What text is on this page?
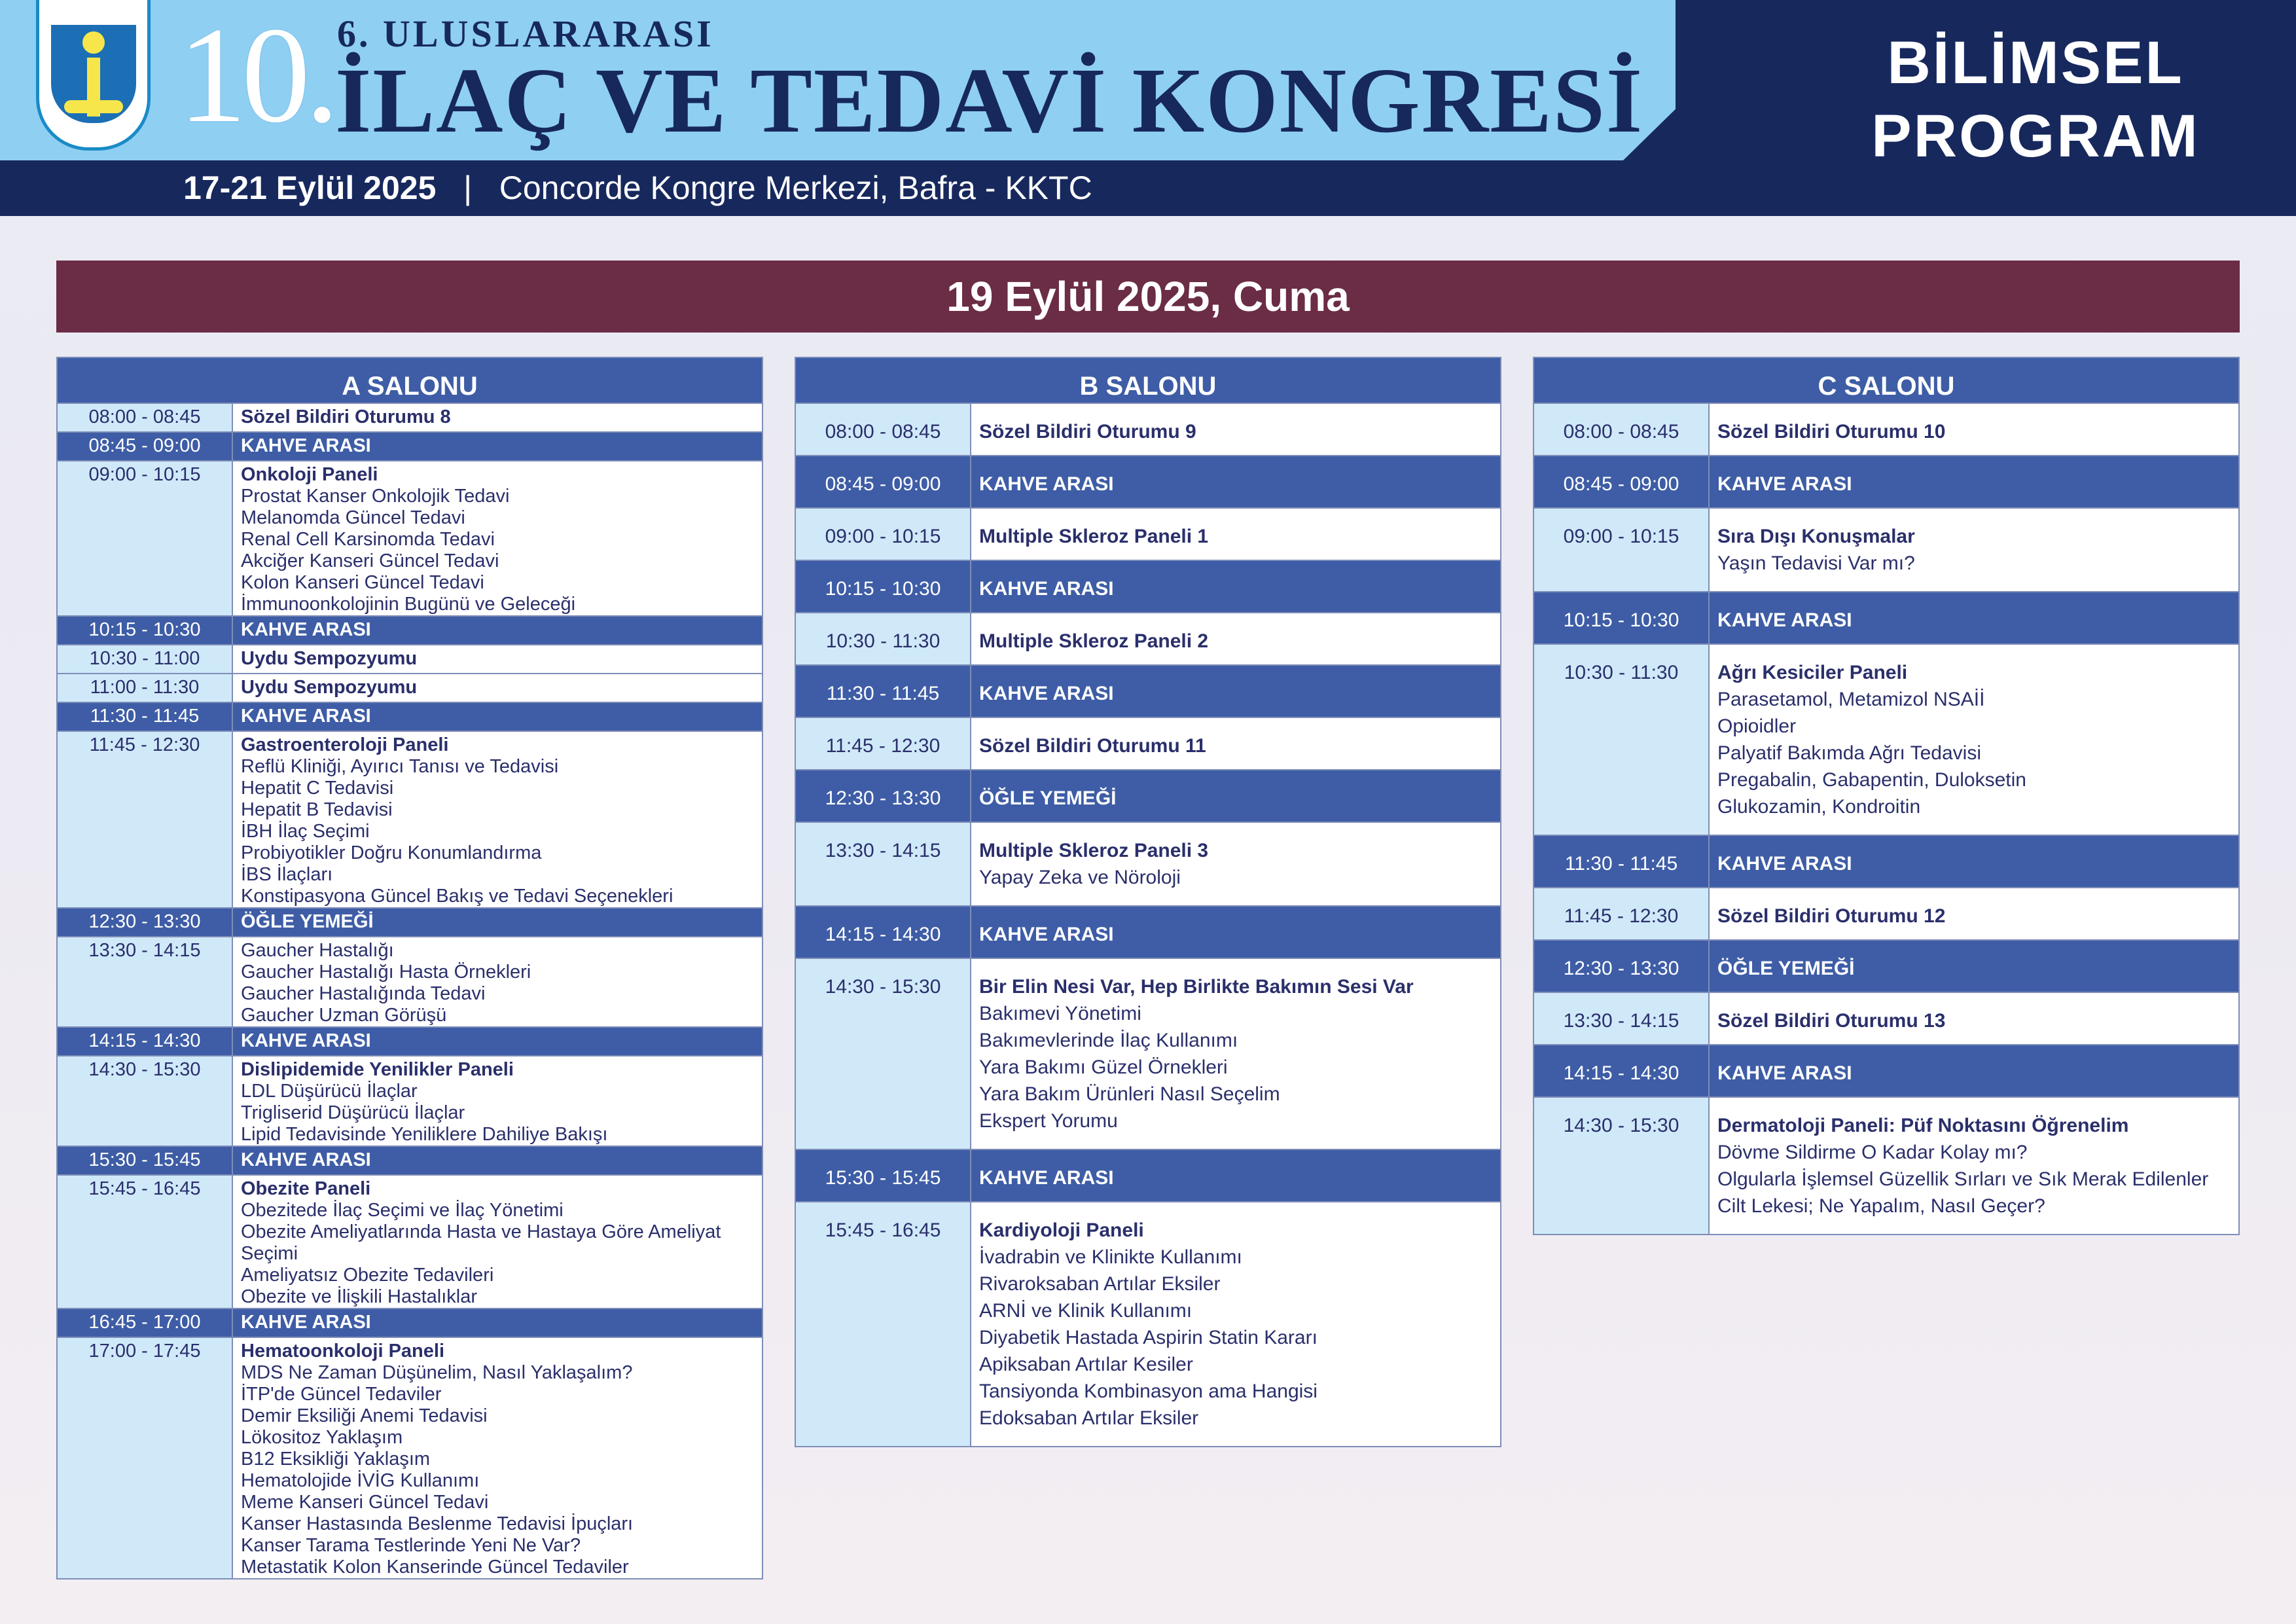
10. 6. ULUSLARARASI
İLAÇ VE TEDAVİ KONGRESİ
17-21 Eylül 2025 | Concorde Kongre Merkezi, Bafra - KKTC
BİLİMSEL
PROGRAM
19 Eylül 2025, Cuma
A SALONU
08:00 - 08:45	Sözel Bildiri Oturumu 8
08:45 - 09:00	KAHVE ARASI
09:00 - 10:15	Onkoloji Paneli
Prostat Kanser Onkolojik Tedavi
Melanomda Güncel Tedavi
Renal Cell Karsinomda Tedavi
Akciğer Kanseri Güncel Tedavi
Kolon Kanseri Güncel Tedavi
İmmunoonkolojinin Bugünü ve Geleceği
10:15 - 10:30	KAHVE ARASI
10:30 - 11:00	Uydu Sempozyumu
11:00 - 11:30	Uydu Sempozyumu
11:30 - 11:45	KAHVE ARASI
11:45 - 12:30	Gastroenteroloji Paneli
Reflü Kliniği, Ayırıcı Tanısı ve Tedavisi
Hepatit C Tedavisi
Hepatit B Tedavisi
İBH İlaç Seçimi
Probiyotikler Doğru Konumlandırma
İBS İlaçları
Konstipasyona Güncel Bakış ve Tedavi Seçenekleri
12:30 - 13:30	ÖĞLE YEMEĞİ
13:30 - 14:15	Gaucher Hastalığı
Gaucher Hastalığı Hasta Örnekleri
Gaucher Hastalığında Tedavi
Gaucher Uzman Görüşü
14:15 - 14:30	KAHVE ARASI
14:30 - 15:30	Dislipidemide Yenilikler Paneli
LDL Düşürücü İlaçlar
Trigliserid Düşürücü İlaçlar
Lipid Tedavisinde Yeniliklere Dahiliye Bakışı
15:30 - 15:45	KAHVE ARASI
15:45 - 16:45	Obezite Paneli
Obezitede İlaç Seçimi ve İlaç Yönetimi
Obezite Ameliyatlarında Hasta ve Hastaya Göre Ameliyat Seçimi
Ameliyatsız Obezite Tedavileri
Obezite ve İlişkili Hastalıklar
16:45 - 17:00	KAHVE ARASI
17:00 - 17:45	Hematoonkoloji Paneli
MDS Ne Zaman Düşünelim, Nasıl Yaklaşalım?
İTP'de Güncel Tedaviler
Demir Eksiliği Anemi Tedavisi
Lökositoz Yaklaşım
B12 Eksikliği Yaklaşım
Hematolojide İVİG Kullanımı
Meme Kanseri Güncel Tedavi
Kanser Hastasında Beslenme Tedavisi İpuçları
Kanser Tarama Testlerinde Yeni Ne Var?
Metastatik Kolon Kanserinde Güncel Tedaviler
B SALONU
08:00 - 08:45	Sözel Bildiri Oturumu 9
08:45 - 09:00	KAHVE ARASI
09:00 - 10:15	Multiple Skleroz Paneli 1
10:15 - 10:30	KAHVE ARASI
10:30 - 11:30	Multiple Skleroz Paneli 2
11:30 - 11:45	KAHVE ARASI
11:45 - 12:30	Sözel Bildiri Oturumu 11
12:30 - 13:30	ÖĞLE YEMEĞİ
13:30 - 14:15	Multiple Skleroz Paneli 3
Yapay Zeka ve Nöroloji
14:15 - 14:30	KAHVE ARASI
14:30 - 15:30	Bir Elin Nesi Var, Hep Birlikte Bakımın Sesi Var
Bakımevi Yönetimi
Bakımevlerinde İlaç Kullanımı
Yara Bakımı Güzel Örnekleri
Yara Bakım Ürünleri Nasıl Seçelim
Ekspert Yorumu
15:30 - 15:45	KAHVE ARASI
15:45 - 16:45	Kardiyoloji Paneli
İvadrabin ve Klinikte Kullanımı
Rivaroksaban Artılar Eksiler
ARNİ ve Klinik Kullanımı
Diyabetik Hastada Aspirin Statin Kararı
Apiksaban Artılar Kesiler
Tansiyonda Kombinasyon ama Hangisi
Edoksaban Artılar Eksiler
C SALONU
08:00 - 08:45	Sözel Bildiri Oturumu 10
08:45 - 09:00	KAHVE ARASI
09:00 - 10:15	Sıra Dışı Konuşmalar
Yaşın Tedavisi Var mı?
10:15 - 10:30	KAHVE ARASI
10:30 - 11:30	Ağrı Kesiciler Paneli
Parasetamol, Metamizol NSAİİ
Opioidler
Palyatif Bakımda Ağrı Tedavisi
Pregabalin, Gabapentin, Duloksetin
Glukozamin, Kondroitin
11:30 - 11:45	KAHVE ARASI
11:45 - 12:30	Sözel Bildiri Oturumu 12
12:30 - 13:30	ÖĞLE YEMEĞİ
13:30 - 14:15	Sözel Bildiri Oturumu 13
14:15 - 14:30	KAHVE ARASI
14:30 - 15:30	Dermatoloji Paneli: Püf Noktasını Öğrenelim
Dövme Sildirme O Kadar Kolay mı?
Olgularla İşlemsel Güzellik Sırları ve Sık Merak Edilenler
Cilt Lekesi; Ne Yapalım, Nasıl Geçer?
